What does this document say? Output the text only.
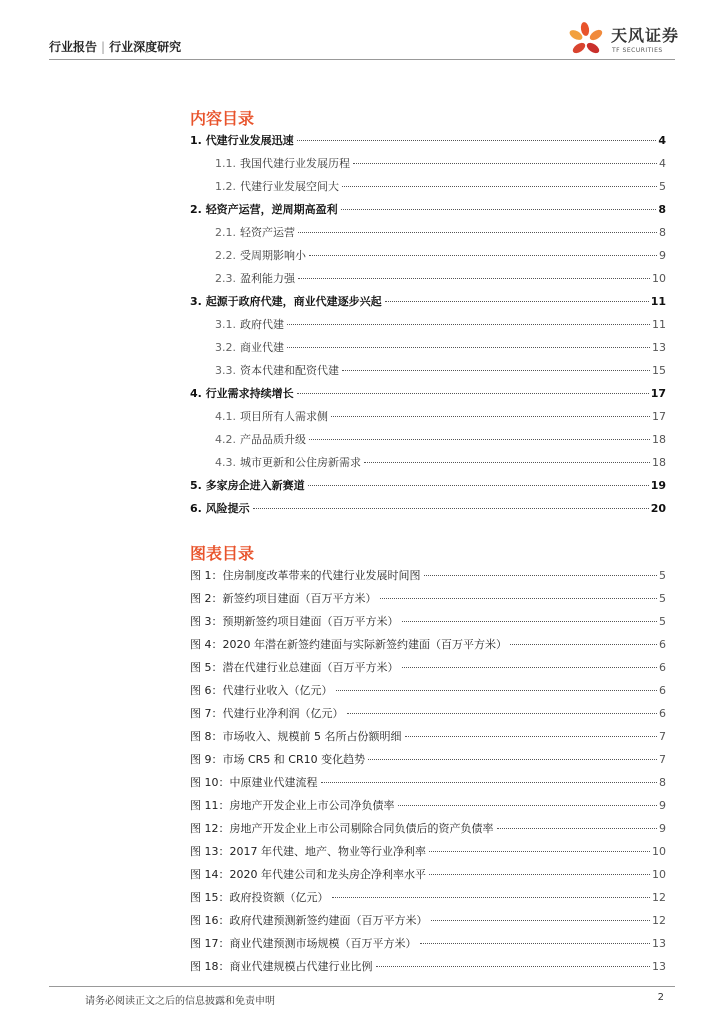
行业报告 | 行业深度研究
天风证券
TF SECURITIES
内容目录
1. 代建行业发展迅速	4
1.1. 我国代建行业发展历程	4
1.2. 代建行业发展空间大	5
2. 轻资产运营，逆周期高盈利	8
2.1. 轻资产运营	8
2.2. 受周期影响小	9
2.3. 盈利能力强	10
3. 起源于政府代建，商业代建逐步兴起	11
3.1. 政府代建	11
3.2. 商业代建	13
3.3. 资本代建和配资代建	15
4. 行业需求持续增长	17
4.1. 项目所有人需求侧	17
4.2. 产品品质升级	18
4.3. 城市更新和公住房新需求	18
5. 多家房企进入新赛道	19
6. 风险提示	20
图表目录
图 1：住房制度改革带来的代建行业发展时间图	5
图 2：新签约项目建面（百万平方米）	5
图 3：预期新签约项目建面（百万平方米）	5
图 4：2020 年潜在新签约建面与实际新签约建面（百万平方米）	6
图 5：潜在代建行业总建面（百万平方米）	6
图 6：代建行业收入（亿元）	6
图 7：代建行业净利润（亿元）	6
图 8：市场收入、规模前 5 名所占份额明细	7
图 9：市场 CR5 和 CR10 变化趋势	7
图 10：中原建业代建流程	8
图 11：房地产开发企业上市公司净负债率	9
图 12：房地产开发企业上市公司剔除合同负债后的资产负债率	9
图 13：2017 年代建、地产、物业等行业净利率	10
图 14：2020 年代建公司和龙头房企净利率水平	10
图 15：政府投资额（亿元）	12
图 16：政府代建预测新签约建面（百万平方米）	12
图 17：商业代建预测市场规模（百万平方米）	13
图 18：商业代建规模占代建行业比例	13
请务必阅读正文之后的信息披露和免责申明	2
